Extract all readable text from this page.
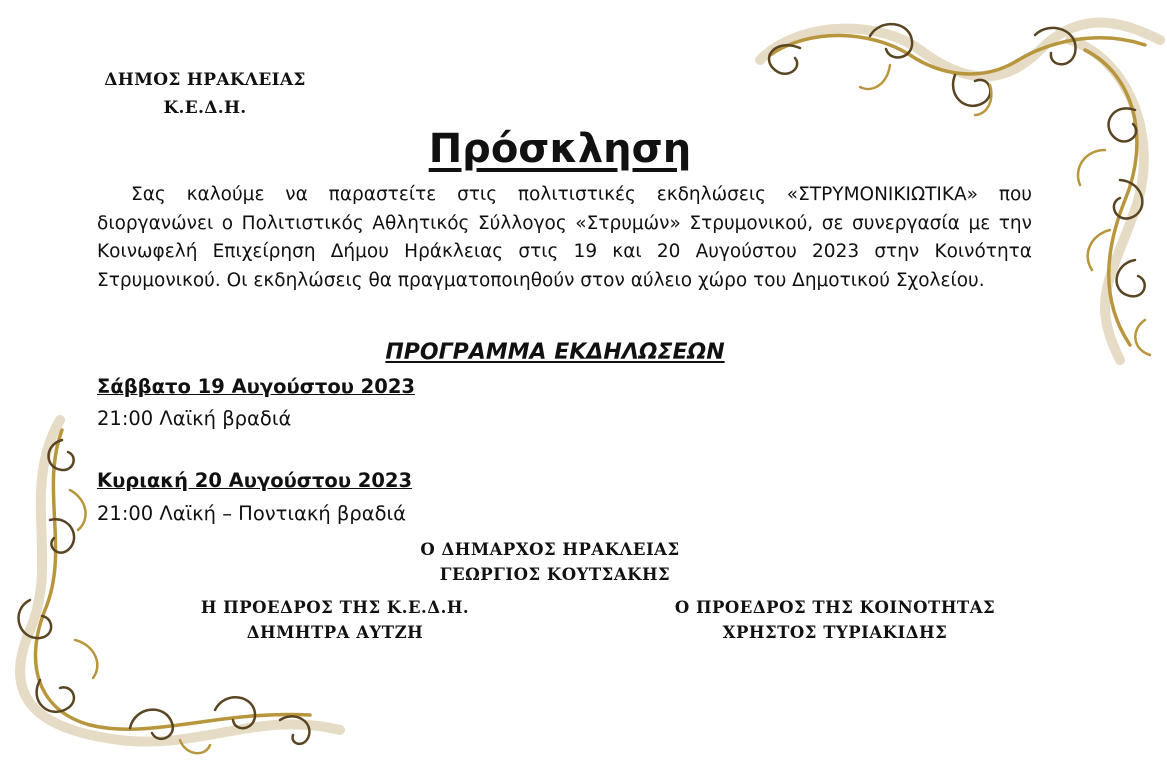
ΔΗΜΟΣ ΗΡΑΚΛΕΙΑΣ
Κ.Ε.Δ.Η.
Πρόσκληση
Σας καλούμε να παραστείτε στις πολιτιστικές εκδηλώσεις «ΣΤΡΥΜΟΝΙΚΙΩΤΙΚΑ» που διοργανώνει ο Πολιτιστικός Αθλητικός Σύλλογος «Στρυμών» Στρυμονικού, σε συνεργασία με την Κοινωφελή Επιχείρηση Δήμου Ηράκλειας στις 19 και 20 Αυγούστου 2023 στην Κοινότητα Στρυμονικού. Οι εκδηλώσεις θα πραγματοποιηθούν στον αύλειο χώρο του Δημοτικού Σχολείου.
ΠΡΟΓΡΑΜΜΑ ΕΚΔΗΛΩΣΕΩΝ
Σάββατο 19 Αυγούστου 2023
21:00 Λαϊκή βραδιά
Κυριακή 20 Αυγούστου 2023
21:00 Λαϊκή – Ποντιακή βραδιά
Ο ΔΗΜΑΡΧΟΣ ΗΡΑΚΛΕΙΑΣ
ΓΕΩΡΓΙΟΣ ΚΟΥΤΣΑΚΗΣ
Η ΠΡΟΕΔΡΟΣ ΤΗΣ Κ.Ε.Δ.Η.
ΔΗΜΗΤΡΑ ΑΥΤΖΗ
Ο ΠΡΟΕΔΡΟΣ ΤΗΣ ΚΟΙΝΟΤΗΤΑΣ
ΧΡΗΣΤΟΣ ΤΥΡΙΑΚΙΔΗΣ
